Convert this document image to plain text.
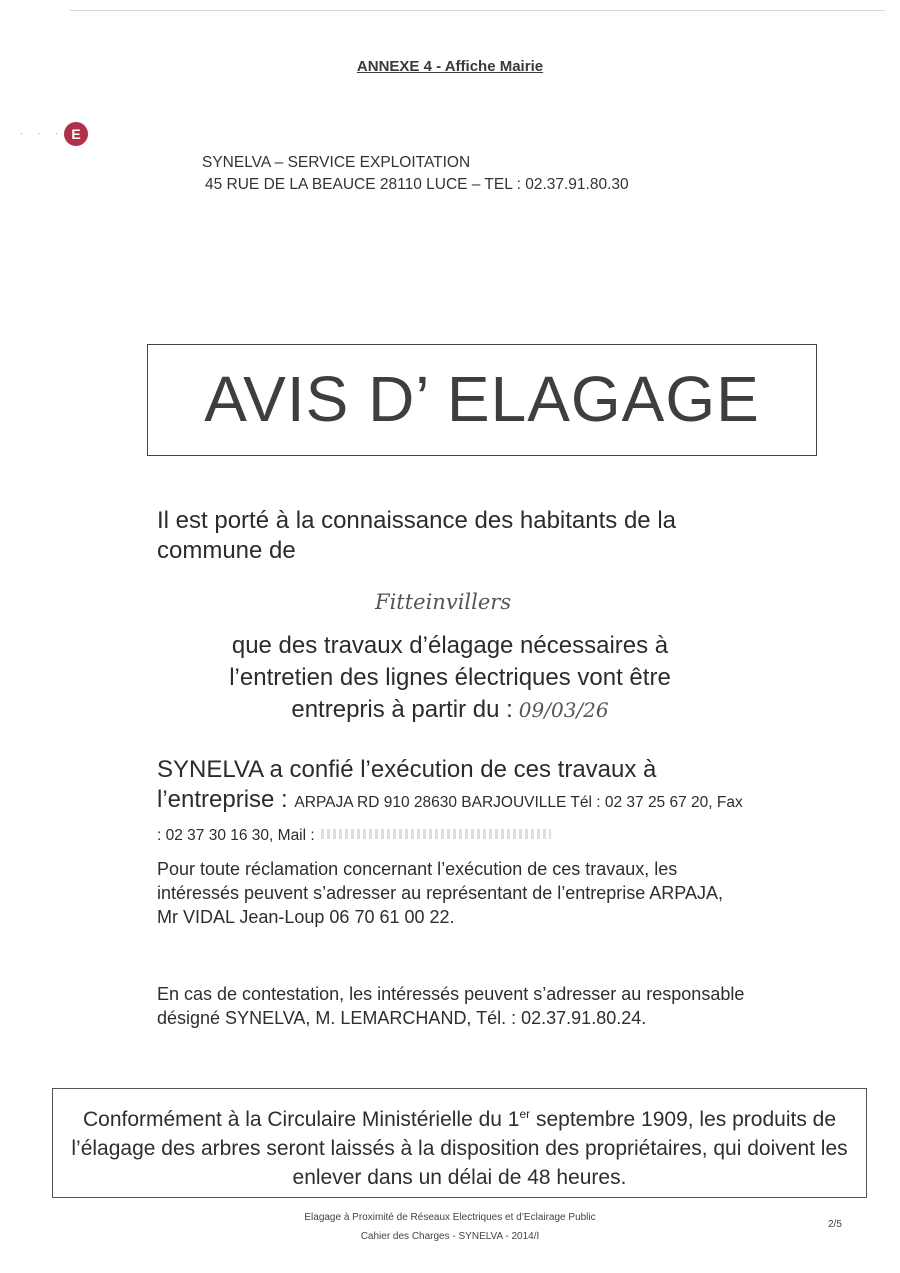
ANNEXE 4 - Affiche Mairie
· · · E
SYNELVA – SERVICE EXPLOITATION
45 RUE DE LA BEAUCE 28110 LUCE – TEL : 02.37.91.80.30
AVIS D’ ELAGAGE
Il est porté à la connaissance des habitants de la commune de
Fitteinvillers
que des travaux d’élagage nécessaires à
l’entretien des lignes électriques vont être
entrepris à partir du : 09/03/26
SYNELVA a confié l’exécution de ces travaux à l’entreprise : ARPAJA RD 910 28630 BARJOUVILLE Tél : 02 37 25 67 20, Fax : 02 37 30 16 30, Mail :
Pour toute réclamation concernant l’exécution de ces travaux, les intéressés peuvent s’adresser au représentant de l’entreprise ARPAJA, Mr VIDAL Jean-Loup 06 70 61 00 22.
En cas de contestation, les intéressés peuvent s’adresser au responsable désigné SYNELVA, M. LEMARCHAND, Tél. : 02.37.91.80.24.
Conformément à la Circulaire Ministérielle du 1er septembre 1909, les produits de l’élagage des arbres seront laissés à la disposition des propriétaires, qui doivent les enlever dans un délai de 48 heures.
Elagage à Proximité de Réseaux Electriques et d’Eclairage Public
Cahier des Charges - SYNELVA - 2014/I
2/5
